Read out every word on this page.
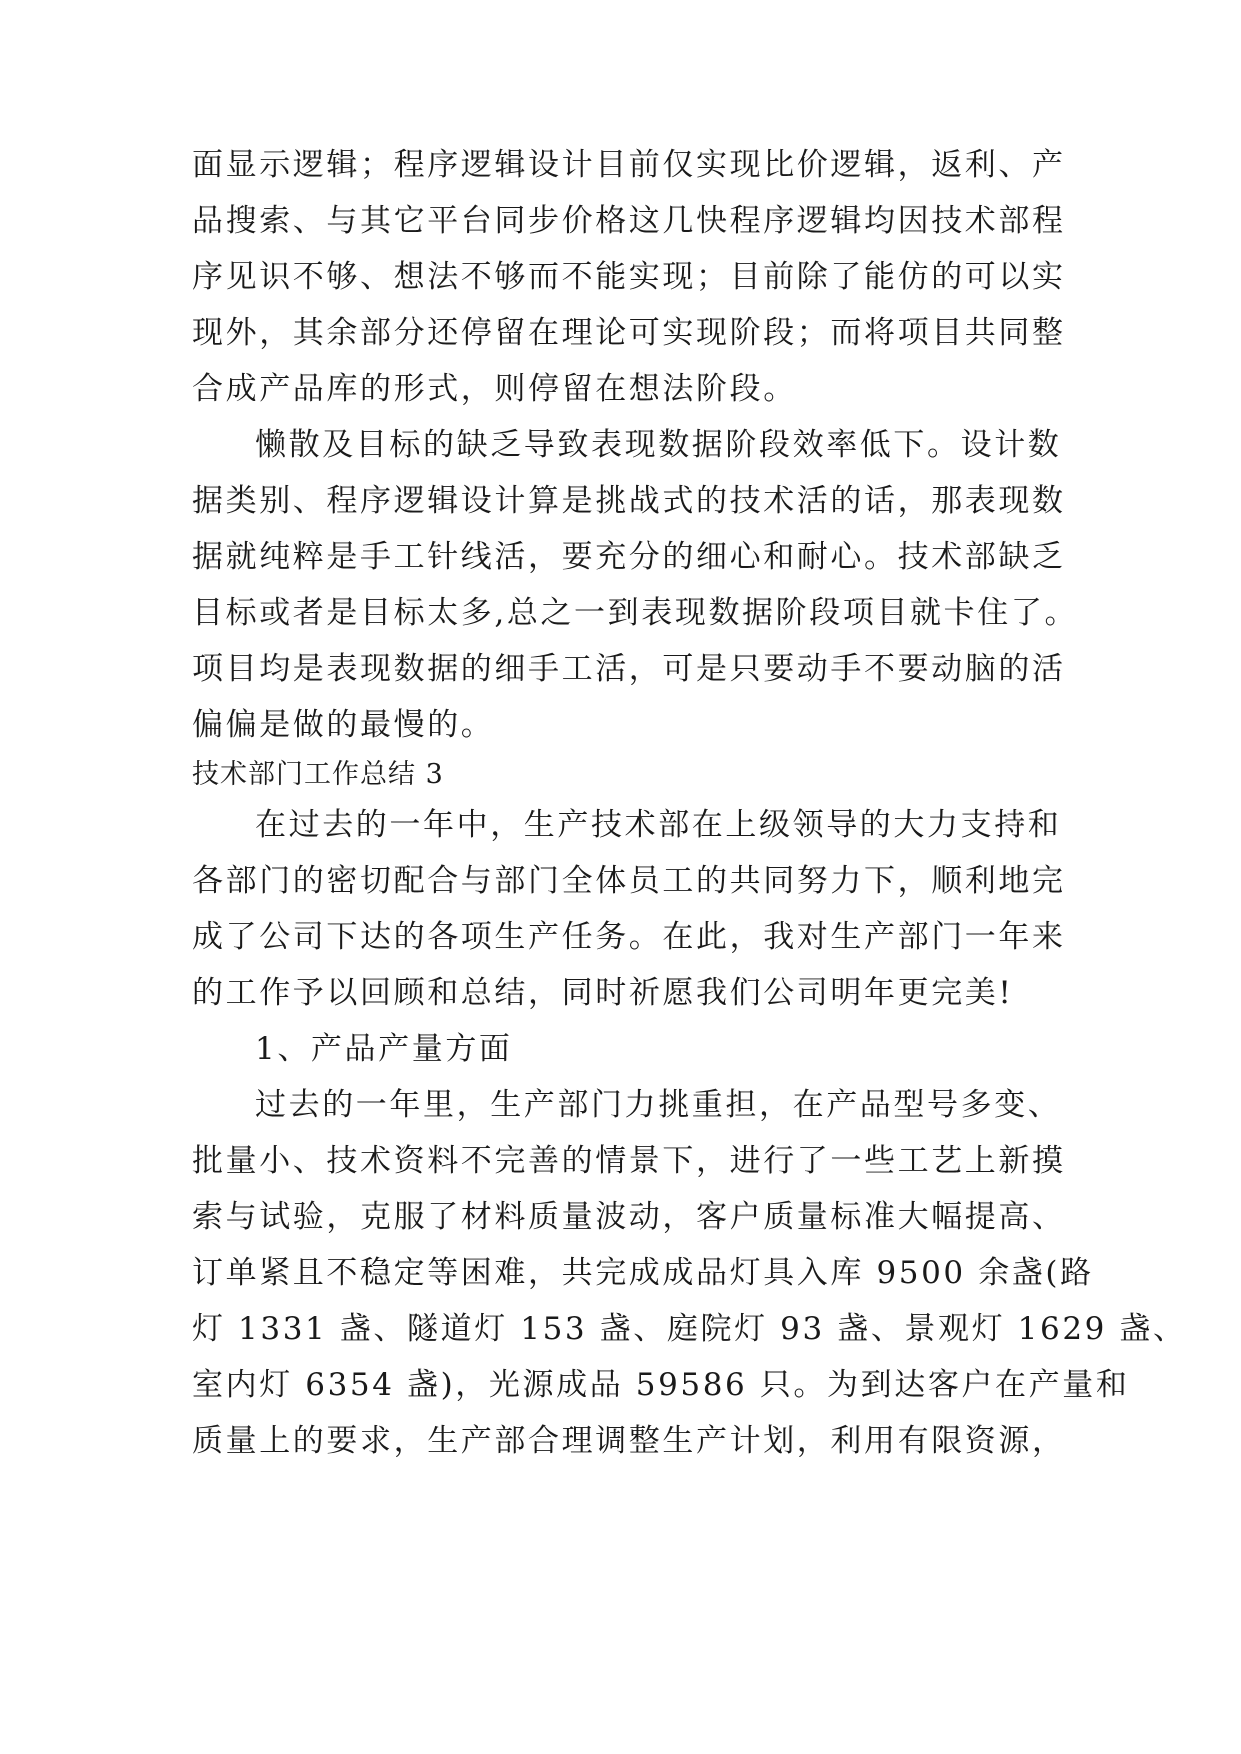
面显示逻辑；程序逻辑设计目前仅实现比价逻辑，返利、产
品搜索、与其它平台同步价格这几快程序逻辑均因技术部程
序见识不够、想法不够而不能实现；目前除了能仿的可以实
现外，其余部分还停留在理论可实现阶段；而将项目共同整
合成产品库的形式，则停留在想法阶段。
懒散及目标的缺乏导致表现数据阶段效率低下。设计数
据类别、程序逻辑设计算是挑战式的技术活的话，那表现数
据就纯粹是手工针线活，要充分的细心和耐心。技术部缺乏
目标或者是目标太多,总之一到表现数据阶段项目就卡住了。
项目均是表现数据的细手工活，可是只要动手不要动脑的活
偏偏是做的最慢的。
技术部门工作总结 3
在过去的一年中，生产技术部在上级领导的大力支持和
各部门的密切配合与部门全体员工的共同努力下，顺利地完
成了公司下达的各项生产任务。在此，我对生产部门一年来
的工作予以回顾和总结，同时祈愿我们公司明年更完美!
1、产品产量方面
过去的一年里，生产部门力挑重担，在产品型号多变、
批量小、技术资料不完善的情景下，进行了一些工艺上新摸
索与试验，克服了材料质量波动，客户质量标准大幅提高、
订单紧且不稳定等困难，共完成成品灯具入库 9500 余盏(路
灯 1331 盏、隧道灯 153 盏、庭院灯 93 盏、景观灯 1629 盏、
室内灯 6354 盏)，光源成品 59586 只。为到达客户在产量和
质量上的要求，生产部合理调整生产计划，利用有限资源，
